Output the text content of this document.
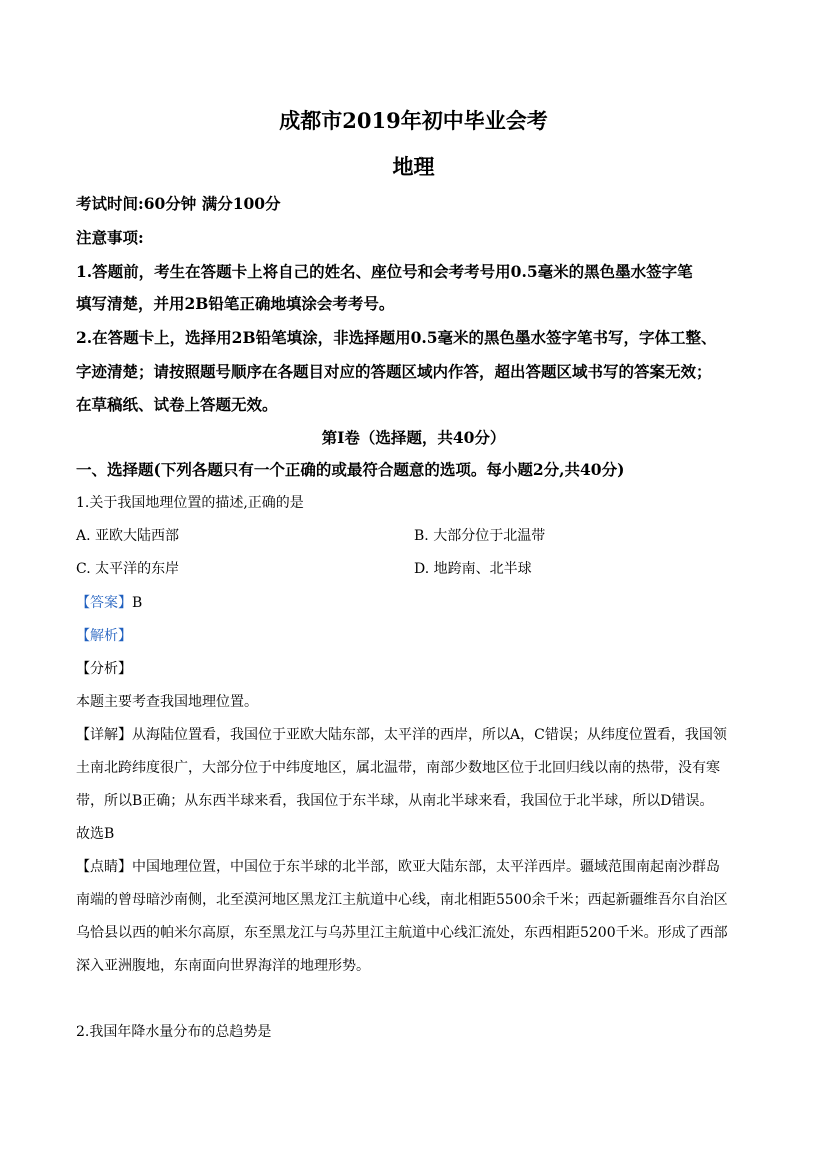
成都市2019年初中毕业会考
地理
考试时间:60分钟 满分100分
注意事项:
1.答题前，考生在答题卡上将自己的姓名、座位号和会考考号用0.5毫米的黑色墨水签字笔
填写清楚，并用2B铅笔正确地填涂会考考号。
2.在答题卡上，选择用2B铅笔填涂，非选择题用0.5毫米的黑色墨水签字笔书写，字体工整、
字迹清楚；请按照题号顺序在各题目对应的答题区域内作答，超出答题区域书写的答案无效；
在草稿纸、试卷上答题无效。
第Ⅰ卷（选择题，共40分）
一、选择题(下列各题只有一个正确的或最符合题意的选项。每小题2分,共40分)
1.关于我国地理位置的描述,正确的是
A. 亚欧大陆西部	B. 大部分位于北温带
C. 太平洋的东岸	D. 地跨南、北半球
【答案】B
【解析】
【分析】
本题主要考查我国地理位置。
【详解】从海陆位置看，我国位于亚欧大陆东部，太平洋的西岸，所以A，C错误；从纬度位置看，我国领
土南北跨纬度很广，大部分位于中纬度地区，属北温带，南部少数地区位于北回归线以南的热带，没有寒
带，所以B正确；从东西半球来看，我国位于东半球，从南北半球来看，我国位于北半球，所以D错误。
故选B
【点睛】中国地理位置，中国位于东半球的北半部，欧亚大陆东部，太平洋西岸。疆域范围南起南沙群岛
南端的曾母暗沙南侧，北至漠河地区黑龙江主航道中心线，南北相距5500余千米；西起新疆维吾尔自治区
乌恰县以西的帕米尔高原，东至黑龙江与乌苏里江主航道中心线汇流处，东西相距5200千米。形成了西部
深入亚洲腹地，东南面向世界海洋的地理形势。
2.我国年降水量分布的总趋势是
